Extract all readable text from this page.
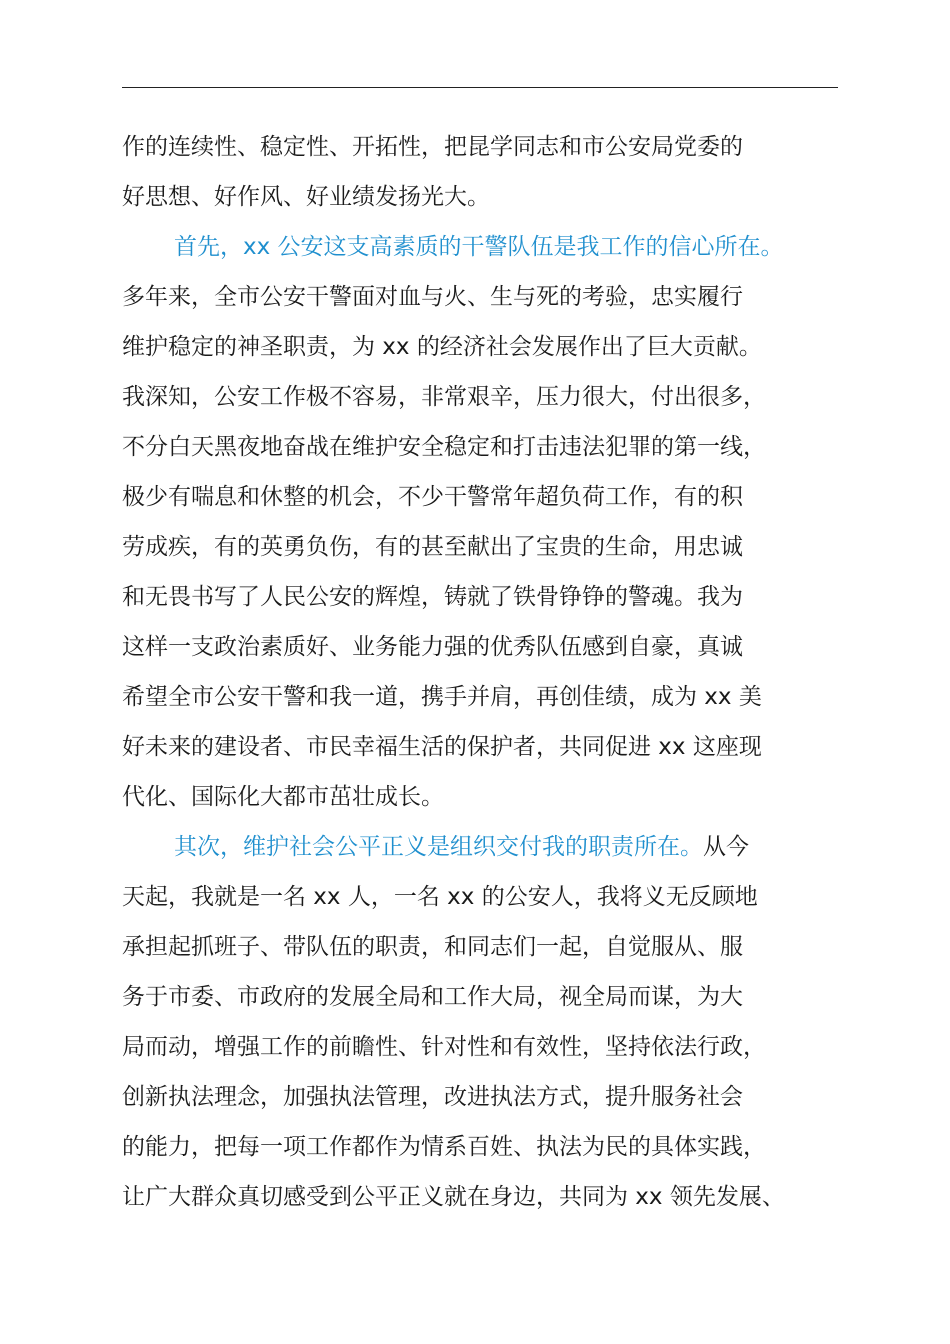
作的连续性、稳定性、开拓性，把昆学同志和市公安局党委的
好思想、好作风、好业绩发扬光大。
首先，xx 公安这支高素质的干警队伍是我工作的信心所在。
多年来，全市公安干警面对血与火、生与死的考验，忠实履行
维护稳定的神圣职责，为 xx 的经济社会发展作出了巨大贡献。
我深知，公安工作极不容易，非常艰辛，压力很大，付出很多，
不分白天黑夜地奋战在维护安全稳定和打击违法犯罪的第一线，
极少有喘息和休整的机会，不少干警常年超负荷工作，有的积
劳成疾，有的英勇负伤，有的甚至献出了宝贵的生命，用忠诚
和无畏书写了人民公安的辉煌，铸就了铁骨铮铮的警魂。我为
这样一支政治素质好、业务能力强的优秀队伍感到自豪，真诚
希望全市公安干警和我一道，携手并肩，再创佳绩，成为 xx 美
好未来的建设者、市民幸福生活的保护者，共同促进 xx 这座现
代化、国际化大都市茁壮成长。
其次，维护社会公平正义是组织交付我的职责所在。从今
天起，我就是一名 xx 人，一名 xx 的公安人，我将义无反顾地
承担起抓班子、带队伍的职责，和同志们一起，自觉服从、服
务于市委、市政府的发展全局和工作大局，视全局而谋，为大
局而动，增强工作的前瞻性、针对性和有效性，坚持依法行政，
创新执法理念，加强执法管理，改进执法方式，提升服务社会
的能力，把每一项工作都作为情系百姓、执法为民的具体实践，
让广大群众真切感受到公平正义就在身边，共同为 xx 领先发展、
